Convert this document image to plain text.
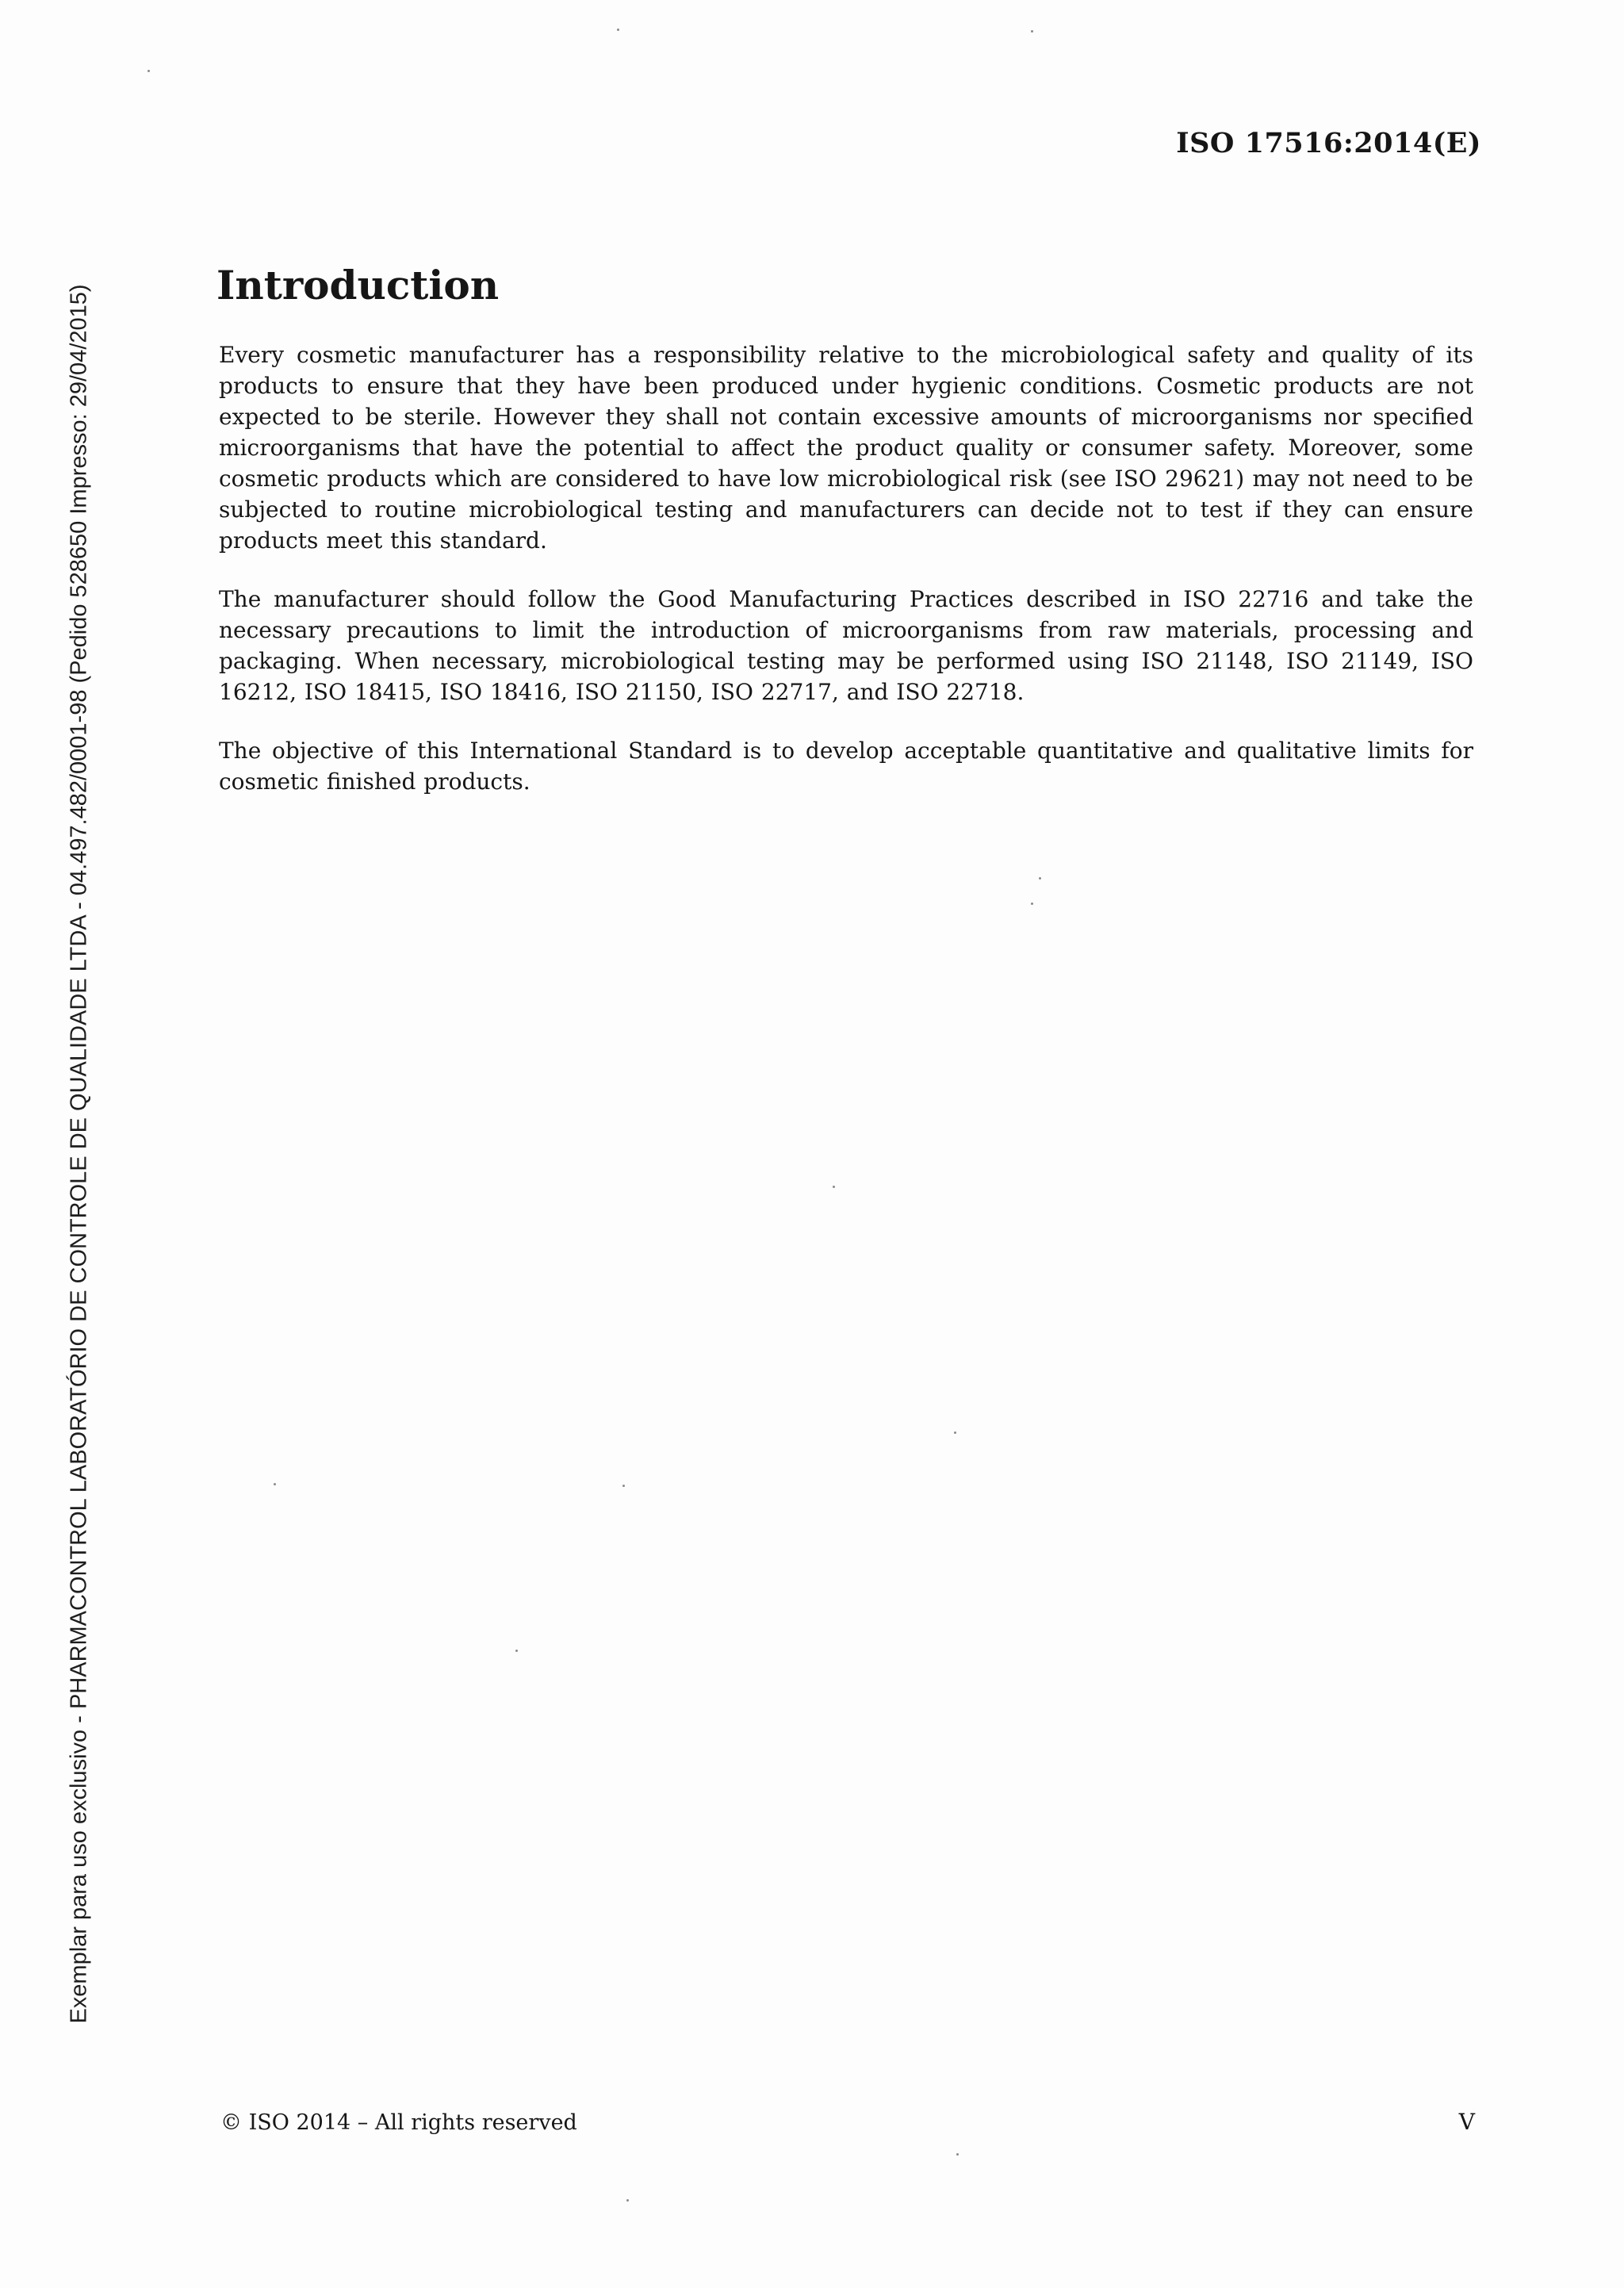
ISO 17516:2014(E)
Introduction

Every cosmetic manufacturer has a responsibility relative to the microbiological safety and quality of its products to ensure that they have been produced under hygienic conditions. Cosmetic products are not expected to be sterile. However they shall not contain excessive amounts of microorganisms nor specified microorganisms that have the potential to affect the product quality or consumer safety. Moreover, some cosmetic products which are considered to have low microbiological risk (see ISO 29621) may not need to be subjected to routine microbiological testing and manufacturers can decide not to test if they can ensure products meet this standard.

The manufacturer should follow the Good Manufacturing Practices described in ISO 22716 and take the necessary precautions to limit the introduction of microorganisms from raw materials, processing and packaging. When necessary, microbiological testing may be performed using ISO 21148, ISO 21149, ISO 16212, ISO 18415, ISO 18416, ISO 21150, ISO 22717, and ISO 22718.

The objective of this International Standard is to develop acceptable quantitative and qualitative limits for cosmetic finished products.

Exemplar para uso exclusivo - PHARMACONTROL LABORATÓRIO DE CONTROLE DE QUALIDADE LTDA - 04.497.482/0001-98 (Pedido 528650 Impresso: 29/04/2015)
© ISO 2014 – All rights reserved	V
